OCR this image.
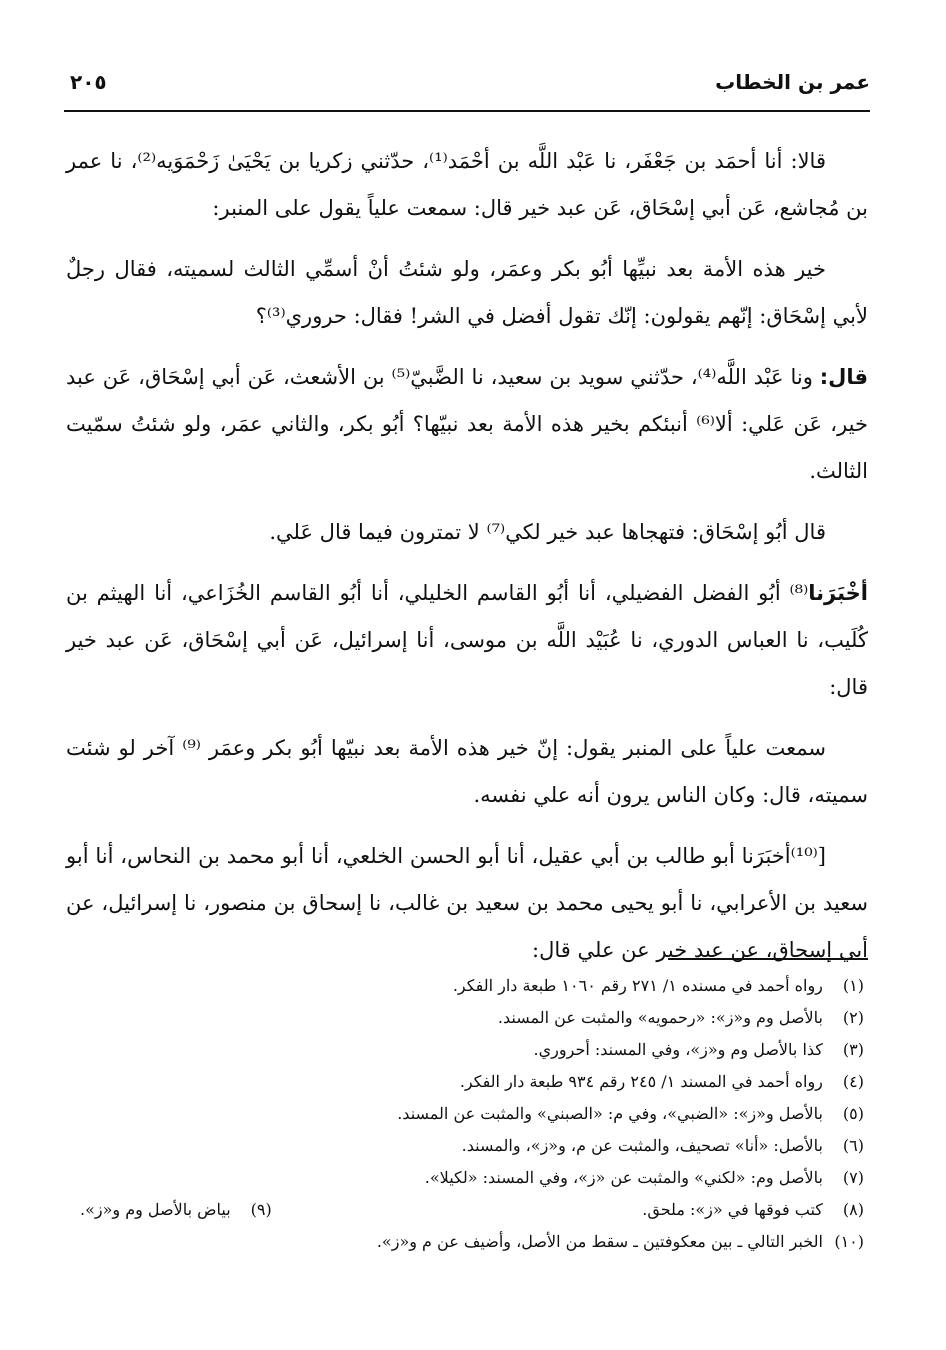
عمر بن الخطاب
٢٠٥

قالا: أنا أحمَد بن جَعْفَر، نا عَبْد اللَّه بن أحْمَد⁽¹⁾، حدّثني زكريا بن يَحْيَىٰ زَحْمَوَيه⁽²⁾، نا عمر بن مُجاشع، عَن أبي إسْحَاق، عَن عبد خير قال: سمعت علياً يقول على المنبر:

خير هذه الأمة بعد نبيِّها أبُو بكر وعمَر، ولو شئتُ أنْ أسمِّي الثالث لسميته، فقال رجلٌ لأبي إسْحَاق: إنّهم يقولون: إنّك تقول أفضل في الشر! فقال: حروري⁽³⁾؟

قال: ونا عَبْد اللَّه⁽⁴⁾، حدّثني سويد بن سعيد، نا الضَّبيّ⁽⁵⁾ بن الأشعث، عَن أبي إسْحَاق، عَن عبد خير، عَن عَلي: ألا⁽⁶⁾ أنبئكم بخير هذه الأمة بعد نبيّها؟ أبُو بكر، والثاني عمَر، ولو شئتُ سمّيت الثالث.

قال أبُو إسْحَاق: فتهجاها عبد خير لكي⁽⁷⁾ لا تمترون فيما قال عَلي.

أخْبَرَنا⁽⁸⁾ أبُو الفضل الفضيلي، أنا أبُو القاسم الخليلي، أنا أبُو القاسم الخُزَاعي، أنا الهيثم بن كُلَيب، نا العباس الدوري، نا عُبَيْد اللَّه بن موسى، أنا إسرائيل، عَن أبي إسْحَاق، عَن عبد خير قال:

سمعت علياً على المنبر يقول: إنّ خير هذه الأمة بعد نبيّها أبُو بكر وعمَر ⁽⁹⁾ آخر لو شئت سميته، قال: وكان الناس يرون أنه علي نفسه.

[⁽¹⁰⁾أخبَرَنا أبو طالب بن أبي عقيل، أنا أبو الحسن الخلعي، أنا أبو محمد بن النحاس، أنا أبو سعيد بن الأعرابي، نا أبو يحيى محمد بن سعيد بن غالب، نا إسحاق بن منصور، نا إسرائيل، عن أبي إسحاق، عن عبد خير عن علي قال:

(١) رواه أحمد في مسنده ١/ ٢٧١ رقم ١٠٦٠ طبعة دار الفكر.
(٢) بالأصل وم و«ز»: «رحمويه» والمثبت عن المسند.
(٣) كذا بالأصل وم و«ز»، وفي المسند: أحروري.
(٤) رواه أحمد في المسند ١/ ٢٤٥ رقم ٩٣٤ طبعة دار الفكر.
(٥) بالأصل و«ز»: «الضبي»، وفي م: «الصبني» والمثبت عن المسند.
(٦) بالأصل: «أنا» تصحيف، والمثبت عن م، و«ز»، والمسند.
(٧) بالأصل وم: «لكني» والمثبت عن «ز»، وفي المسند: «لكيلا».
(٨) كتب فوقها في «ز»: ملحق.
(٩) بياض بالأصل وم و«ز».
(١٠) الخبر التالي ـ بين معكوفتين ـ سقط من الأصل، وأضيف عن م و«ز».
